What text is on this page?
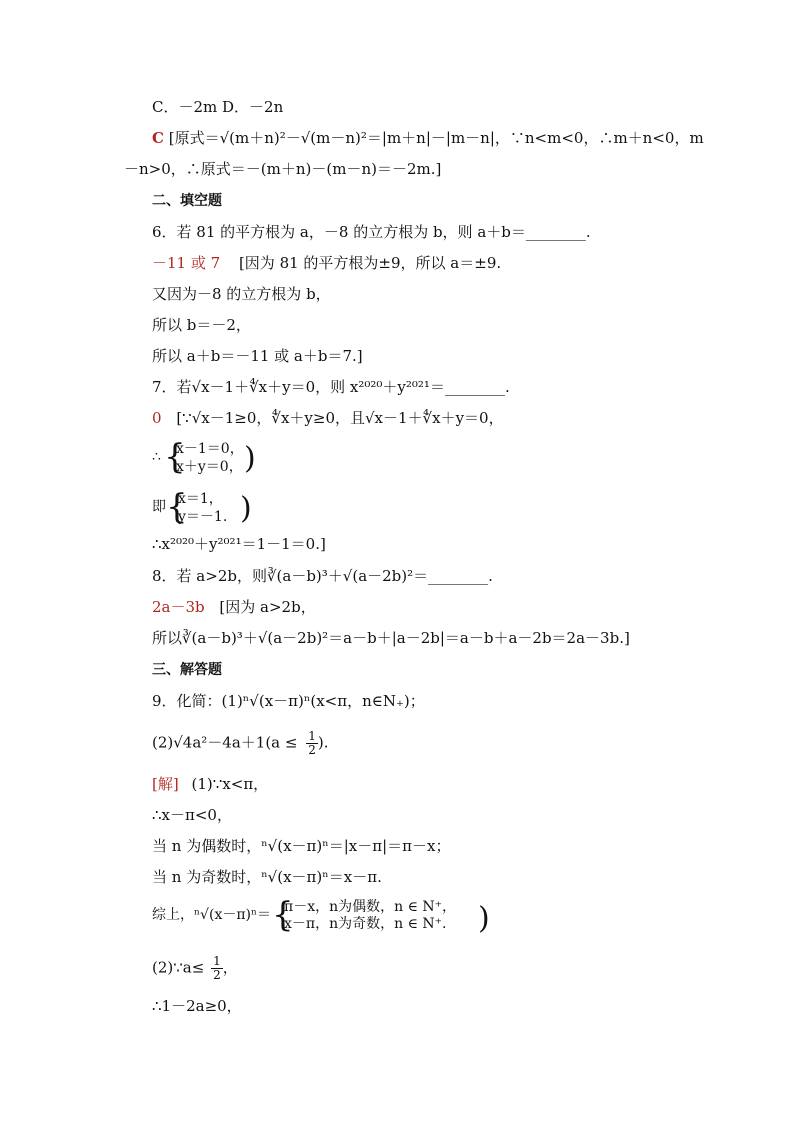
C．－2m D．－2n
C [原式＝√(m＋n)²－√(m－n)²＝|m＋n|－|m－n|，∵n<m<0，∴m＋n<0，m
－n>0，∴原式＝－(m＋n)－(m－n)＝－2m.]
二、填空题
6．若 81 的平方根为 a，－8 的立方根为 b，则 a＋b＝________.
－11 或 7 [因为 81 的平方根为±9，所以 a＝±9.
又因为－8 的立方根为 b，
所以 b＝－2，
所以 a＋b＝－11 或 a＋b＝7.]
7．若√x－1＋∜x＋y＝0，则 x²⁰²⁰＋y²⁰²¹＝________.
0 [∵√x－1≥0，∜x＋y≥0，且√x－1＋∜x＋y＝0，
∴ {
x－1＝0，
x＋y＝0， )
即 {
x＝1，
y＝－1. )
∴x²⁰²⁰＋y²⁰²¹＝1－1＝0.]
8．若 a>2b，则∛(a－b)³＋√(a－2b)²＝________.
2a－3b [因为 a>2b，
所以∛(a－b)³＋√(a－2b)²＝a－b＋|a－2b|＝a－b＋a－2b＝2a－3b.]
三、解答题
9．化简：(1)ⁿ√(x－π)ⁿ(x<π，n∈N₊)；
$(2)√4a^2-4a+1(a \le \frac{1}{2}$ ).
[解] (1)∵x<π，
∴x－π<0，
当 n 为偶数时，ⁿ√(x－π)ⁿ＝|x－π|＝π－x；
当 n 为奇数时，ⁿ√(x－π)ⁿ＝x－π.
综上，ⁿ√(x－π)ⁿ＝ {
π－x，n为偶数，n ∈ N⁺，
x－π，n为奇数，n ∈ N⁺. )
(2)∵a≤ $\frac{1}{2}$ ，
∴1－2a≥0，
